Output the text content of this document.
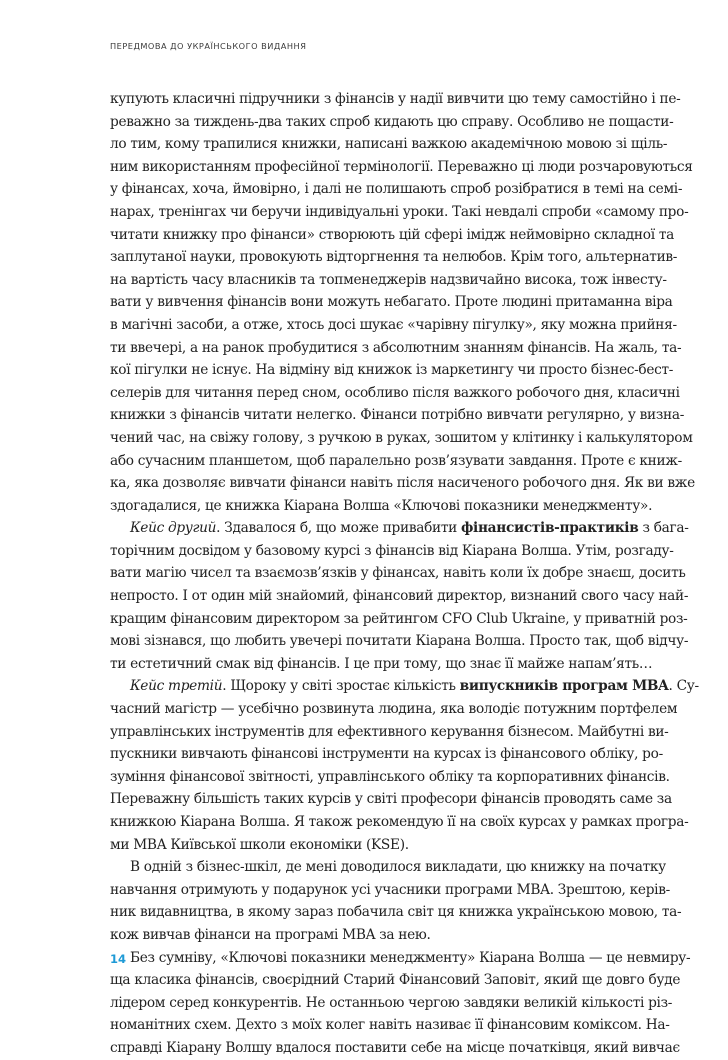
ПЕРЕДМОВА ДО УКРАЇНСЬКОГО ВИДАННЯ
купують класичні підручники з фінансів у надії вивчити цю тему самостійно і пе-
реважно за тиждень-два таких спроб кидають цю справу. Особливо не пощасти-
ло тим, кому трапилися книжки, написані важкою академічною мовою зі щіль-
ним використанням професійної термінології. Переважно ці люди розчаровуються
у фінансах, хоча, ймовірно, і далі не полишають спроб розібратися в темі на семі-
нарах, тренінгах чи беручи індивідуальні уроки. Такі невдалі спроби «самому про-
читати книжку про фінанси» створюють цій сфері імідж неймовірно складної та
заплутаної науки, провокують відторгнення та нелюбов. Крім того, альтернатив-
на вартість часу власників та топменеджерів надзвичайно висока, тож інвесту-
вати у вивчення фінансів вони можуть небагато. Проте людині притаманна віра
в магічні засоби, а отже, хтось досі шукає «чарівну пігулку», яку можна прийня-
ти ввечері, а на ранок пробудитися з абсолютним знанням фінансів. На жаль, та-
кої пігулки не існує. На відміну від книжок із маркетингу чи просто бізнес-бест-
селерів для читання перед сном, особливо після важкого робочого дня, класичні
книжки з фінансів читати нелегко. Фінанси потрібно вивчати регулярно, у визна-
чений час, на свіжу голову, з ручкою в руках, зошитом у клітинку і калькулятором
або сучасним планшетом, щоб паралельно розв’язувати завдання. Проте є книж-
ка, яка дозволяє вивчати фінанси навіть після насиченого робочого дня. Як ви вже
здогадалися, це книжка Кіарана Волша «Ключові показники менеджменту».
Кейс другий. Здавалося б, що може привабити фінансистів-практиків з бага-
торічним досвідом у базовому курсі з фінансів від Кіарана Волша. Утім, розгаду-
вати магію чисел та взаємозв’язків у фінансах, навіть коли їх добре знаєш, досить
непросто. І от один мій знайомий, фінансовий директор, визнаний свого часу най-
кращим фінансовим директором за рейтингом CFO Club Ukraine, у приватній роз-
мові зізнався, що любить увечері почитати Кіарана Волша. Просто так, щоб відчу-
ти естетичний смак від фінансів. І це при тому, що знає її майже напам’ять…
Кейс третій. Щороку у світі зростає кількість випускників програм MBA. Су-
часний магістр — усебічно розвинута людина, яка володіє потужним портфелем
управлінських інструментів для ефективного керування бізнесом. Майбутні ви-
пускники вивчають фінансові інструменти на курсах із фінансового обліку, ро-
зуміння фінансової звітності, управлінського обліку та корпоративних фінансів.
Переважну більшість таких курсів у світі професори фінансів проводять саме за
книжкою Кіарана Волша. Я також рекомендую її на своїх курсах у рамках програ-
ми MBA Київської школи економіки (KSE).
В одній з бізнес-шкіл, де мені доводилося викладати, цю книжку на початку
навчання отримують у подарунок усі учасники програми MBA. Зрештою, керів-
ник видавництва, в якому зараз побачила світ ця книжка українською мовою, та-
кож вивчав фінанси на програмі MBA за нею.
Без сумніву, «Ключові показники менеджменту» Кіарана Волша — це невмиру-
ща класика фінансів, своєрідний Старий Фінансовий Заповіт, який ще довго буде
лідером серед конкурентів. Не останньою чергою завдяки великій кількості різ-
номанітних схем. Дехто з моїх колег навіть називає її фінансовим коміксом. На-
справді Кіарану Волшу вдалося поставити себе на місце початківця, який вивчає
14
